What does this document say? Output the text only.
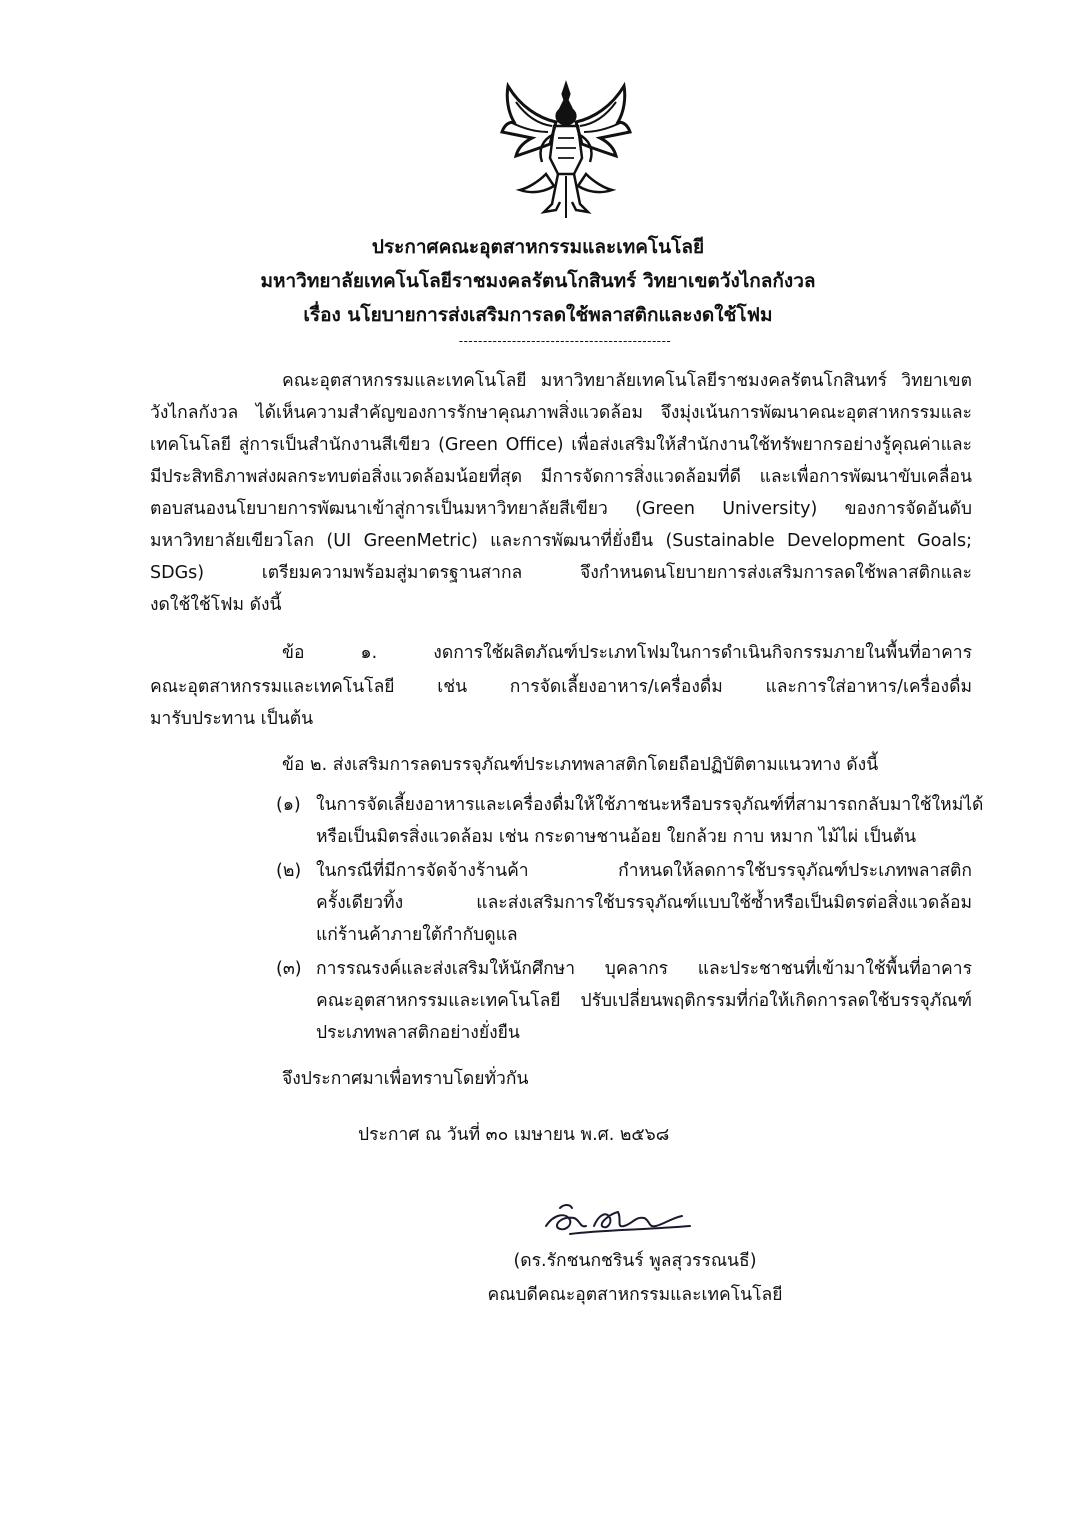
ประกาศคณะอุตสาหกรรมและเทคโนโลยี
มหาวิทยาลัยเทคโนโลยีราชมงคลรัตนโกสินทร์ วิทยาเขตวังไกลกังวล
เรื่อง นโยบายการส่งเสริมการลดใช้พลาสติกและงดใช้โฟม
--------------------------------------------
คณะอุตสาหกรรมและเทคโนโลยี มหาวิทยาลัยเทคโนโลยีราชมงคลรัตนโกสินทร์ วิทยาเขต
วังไกลกังวล ได้เห็นความสำคัญของการรักษาคุณภาพสิ่งแวดล้อม จึงมุ่งเน้นการพัฒนาคณะอุตสาหกรรมและ
เทคโนโลยี สู่การเป็นสำนักงานสีเขียว (Green Office) เพื่อส่งเสริมให้สำนักงานใช้ทรัพยากรอย่างรู้คุณค่าและ
มีประสิทธิภาพส่งผลกระทบต่อสิ่งแวดล้อมน้อยที่สุด มีการจัดการสิ่งแวดล้อมที่ดี และเพื่อการพัฒนาขับเคลื่อน
ตอบสนองนโยบายการพัฒนาเข้าสู่การเป็นมหาวิทยาลัยสีเขียว (Green University) ของการจัดอันดับ
มหาวิทยาลัยเขียวโลก (UI GreenMetric) และการพัฒนาที่ยั่งยืน (Sustainable Development Goals;
SDGs) เตรียมความพร้อมสู่มาตรฐานสากล จึงกำหนดนโยบายการส่งเสริมการลดใช้พลาสติกและ
งดใช้ใช้โฟม ดังนี้
ข้อ ๑. งดการใช้ผลิตภัณฑ์ประเภทโฟมในการดำเนินกิจกรรมภายในพื้นที่อาคาร
คณะอุตสาหกรรมและเทคโนโลยี เช่น การจัดเลี้ยงอาหาร/เครื่องดื่ม และการใส่อาหาร/เครื่องดื่ม
มารับประทาน เป็นต้น
ข้อ ๒. ส่งเสริมการลดบรรจุภัณฑ์ประเภทพลาสติกโดยถือปฏิบัติตามแนวทาง ดังนี้
(๑) ในการจัดเลี้ยงอาหารและเครื่องดื่มให้ใช้ภาชนะหรือบรรจุภัณฑ์ที่สามารถกลับมาใช้ใหม่ได้
หรือเป็นมิตรสิ่งแวดล้อม เช่น กระดาษชานอ้อย ใยกล้วย กาบ หมาก ไม้ไผ่ เป็นต้น
(๒) ในกรณีที่มีการจัดจ้างร้านค้า กำหนดให้ลดการใช้บรรจุภัณฑ์ประเภทพลาสติก
ครั้งเดียวทิ้ง และส่งเสริมการใช้บรรจุภัณฑ์แบบใช้ซ้ำหรือเป็นมิตรต่อสิ่งแวดล้อม
แก่ร้านค้าภายใต้กำกับดูแล
(๓) การรณรงค์และส่งเสริมให้นักศึกษา บุคลากร และประชาชนที่เข้ามาใช้พื้นที่อาคาร
คณะอุตสาหกรรมและเทคโนโลยี ปรับเปลี่ยนพฤติกรรมที่ก่อให้เกิดการลดใช้บรรจุภัณฑ์
ประเภทพลาสติกอย่างยั่งยืน
จึงประกาศมาเพื่อทราบโดยทั่วกัน
ประกาศ ณ วันที่ ๓๐ เมษายน พ.ศ. ๒๕๖๘
(ดร.รักชนกชรินร์ พูลสุวรรณนธี)
คณบดีคณะอุตสาหกรรมและเทคโนโลยี
